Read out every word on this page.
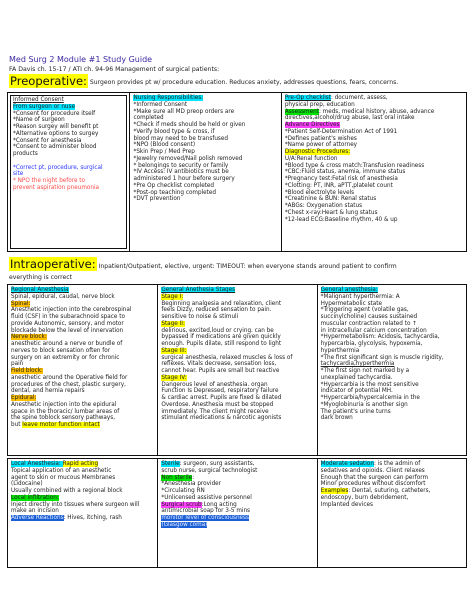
Med Surg 2 Module #1 Study Guide
FA Davis ch. 15-17 / ATI ch. 94-96 Management of surgical patients:
Preoperative: Surgeon provides pt w/ procedure education. Reduces anxiety, addresses questions, fears, concerns.
Informed Consent
From surgeon or nuse
*Consent for procedure itself
*Name of surgeon
*Reason surgey will benefit pt
*Alternative options to surgey
*Consent for anesthesia
*Consent to administer blood
products

*Correct pt, procedure, surgical
site
* NPO the night before to
prevent aspiration pneumonia
Nursing Responsibilities:
*Informed Consent
*Make sure all MD preop orders are
completed
*Check if meds should be held or given
*Verify blood type & cross, if
blood may need to be transfused
*NPO (Blood consent)
*Skin Prep / Med Prep
*Jewelry removed/Nail polish removed
* belongings to security or family
*IV Access: IV antibiotics must be
administered 1 hour before surgery
*Pre Op checklist completed
*Post-op teaching completed
*DVT prevention
Pre-Op checklist: document, assess,
physical prep, education
Assessment: meds, medical history, abuse, advance
directives,alcohol/drug abuse, last oral intake
Advance Directives
*Patient Self-Determination Act of 1991
*Defines patient's wishes
*Name power of attorney
Diagnostic Procedures:
U/A:Renal function
*Blood type & cross match:Transfusion readiness
*CBC:Fluid status, anemia, immune status
*Pregnancy test:Fetal risk of anesthesia
*Clotting: PT, INR, aPTT,platelet count
*Blood electrolyte levels
*Creatinine & BUN: Renal status
*ABGs: Oxygenation status
*Chest x-ray:Heart & lung status
*12-lead ECG:Baseline rhythm, 40 & up
Intraoperative: Inpatient/Outpatient, elective, urgent: TIMEOUT: when everyone stands around patient to confirm
everything is correct
Regional Anesthesia
Spinal, epidural, caudal, nerve block
Spinal:
Anesthetic injection into the cerebrospinal
fluid (CSF) in the subarachnoid space to
provide Autonomic, sensory, and motor
blockade below the level of innervation
Nerve block:
anesthetic around a nerve or bundle of
nerves to block sensation often for
surgery on an extremity or for chronic
pain
Field block:
anesthetic around the Operative field for
procedures of the chest, plastic surgery,
dental, and hernia repairs
Epidural:
Anesthetic injection into the epidural
space in the thoracic/ lumbar areas of
the spine toblock sensory pathways,
but leave motor function intact
General Anethesia Stages
Stage I:
Beginning analgesia and relaxation, client
feels Dizzy, reduced sensation to pain.
sensitive to noise & stimuli
Stage II:
delirious, excited,loud or crying. can be
bypassed if medications are given quickly
enough. Pupils dilate, still respond to light
Stage III:
surgical anesthesia, relaxed muscles & loss of
reflexes. Vitals decrease, sensation loss,
cannot hear. Pupils are small but reactive
Stage IV:
Dangerous level of anesthesia. organ
Function Is Depressed, respiratory failure
& cardiac arrest. Pupils are fixed & dilated
Overdose. Anesthesia must be stopped
immediately. The client might receive
stimulant medications & narcotic agonists
General anesthesia:
*Malignant hyperthermia: A
Hypermetabolic state
*Triggering agent (volatile gas,
succinylcholine) causes sustained
muscular contraction related to ↑
in intracellular calcium concentration
*Hypermetabolism: Acidosis, tachycardia,
hypercarbia, glycolysis, hypoxemia,
hyperthermia
*The first significant sign is muscle rigidity,
tachycardia,hyperthermia
*The first sign not marked by a
unexplained tachycardia.
*Hypercarbia is the most sensitive
indicator of potential MH.
*Hypercarbia/hypercalcemia in the
*Myoglobinuria is another sign
The patient's urine turns
dark brown
Local Anesthesia: Rapid acting
Topical application of an anesthetic
agent to skin or mucous Membranes
(Lidocaine)
Usually combined with a regional block
Local infiltration:
Inject directly into tissues where surgeon will
make an incision
Adverse Reactions: Hives, itching, rash
Sterile: surgeon, surg assistants,
scrub nurse, surgical technologist
Non sterile:
*Anesthesia provider
*Circulating RN
*Unlicensed assistive personnel
Surgical scrub:Long acting
antimicrobial soap for 3-5 mins
monitor level of consciousness
(Glasgow coma)
Moderate sedation: is the admin of
sedatives and opioids. Client relaxes
Enough that the surgeon can perform
Minor procedures without discomfort
Examples: Dental, suturing, catheters,
endoscopy, burn debridement,
Implanted devices
